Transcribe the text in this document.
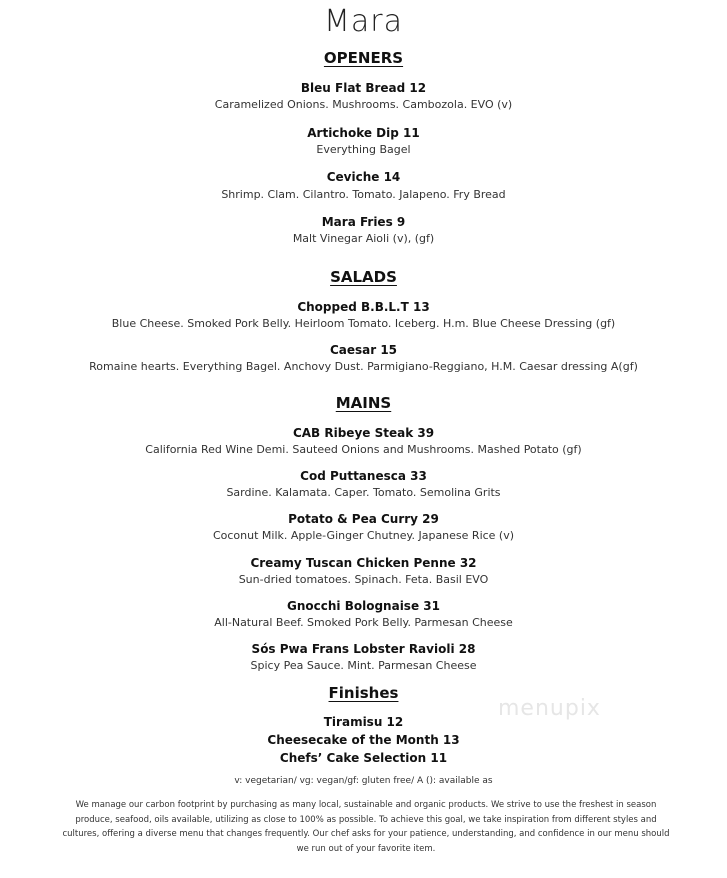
Mara
OPENERS
Bleu Flat Bread 12
Caramelized Onions. Mushrooms. Cambozola. EVO (v)
Artichoke Dip 11
Everything Bagel
Ceviche 14
Shrimp. Clam. Cilantro. Tomato. Jalapeno. Fry Bread
Mara Fries 9
Malt Vinegar Aioli (v), (gf)
SALADS
Chopped B.B.L.T 13
Blue Cheese. Smoked Pork Belly. Heirloom Tomato. Iceberg. H.m. Blue Cheese Dressing (gf)
Caesar 15
Romaine hearts. Everything Bagel. Anchovy Dust. Parmigiano-Reggiano, H.M. Caesar dressing A(gf)
MAINS
CAB Ribeye Steak 39
California Red Wine Demi. Sauteed Onions and Mushrooms. Mashed Potato (gf)
Cod Puttanesca 33
Sardine. Kalamata. Caper. Tomato. Semolina Grits
Potato & Pea Curry 29
Coconut Milk. Apple-Ginger Chutney. Japanese Rice (v)
Creamy Tuscan Chicken Penne 32
Sun-dried tomatoes. Spinach. Feta. Basil EVO
Gnocchi Bolognaise 31
All-Natural Beef. Smoked Pork Belly. Parmesan Cheese
Sós Pwa Frans Lobster Ravioli 28
Spicy Pea Sauce. Mint. Parmesan Cheese
menupix
Finishes
Tiramisu 12
Cheesecake of the Month 13
Chefs’ Cake Selection 11
v: vegetarian/ vg: vegan/gf: gluten free/ A (): available as
We manage our carbon footprint by purchasing as many local, sustainable and organic products. We strive to use the freshest in season
produce, seafood, oils available, utilizing as close to 100% as possible. To achieve this goal, we take inspiration from different styles and
cultures, offering a diverse menu that changes frequently. Our chef asks for your patience, understanding, and confidence in our menu should
we run out of your favorite item.
